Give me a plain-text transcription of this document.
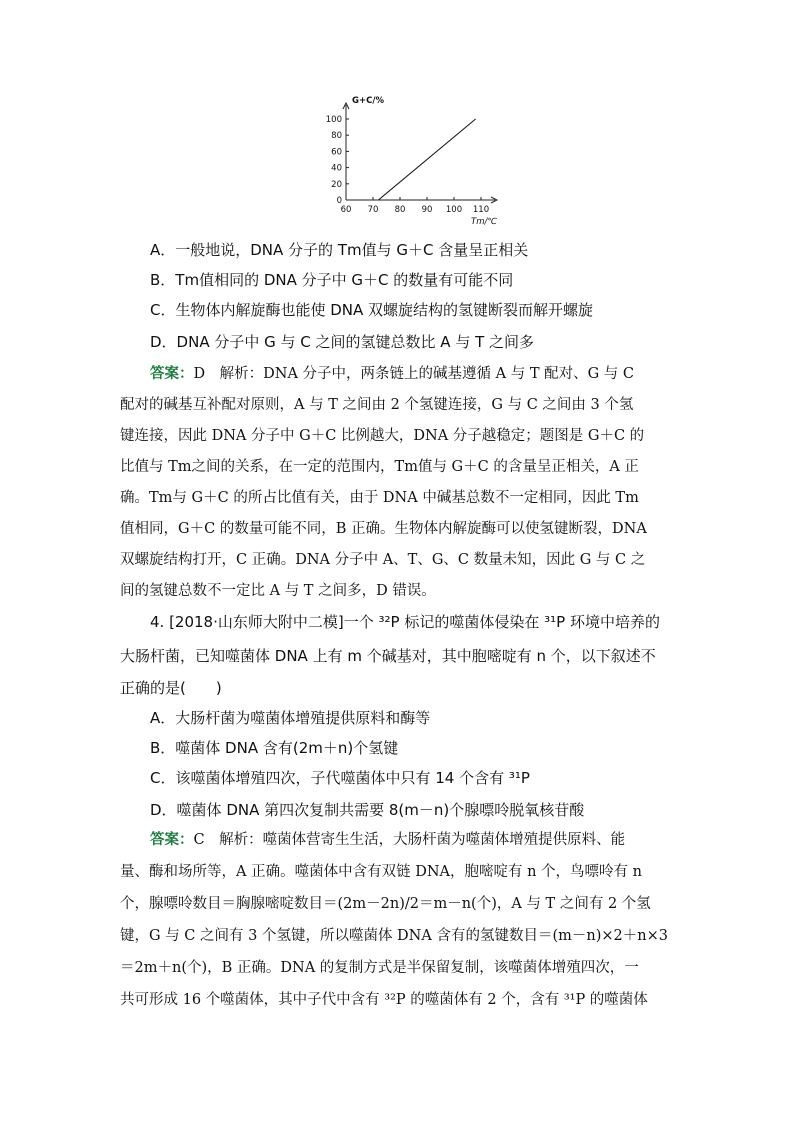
0
20
40
60
80
100
60 70 80 90 100 110
G+C/%
Tm/℃
A．一般地说，DNA 分子的 Tm值与 G＋C 含量呈正相关
B．Tm值相同的 DNA 分子中 G＋C 的数量有可能不同
C．生物体内解旋酶也能使 DNA 双螺旋结构的氢键断裂而解开螺旋
D．DNA 分子中 G 与 C 之间的氢键总数比 A 与 T 之间多
答案：D　解析：DNA 分子中，两条链上的碱基遵循 A 与 T 配对、G 与 C
配对的碱基互补配对原则，A 与 T 之间由 2 个氢键连接，G 与 C 之间由 3 个氢
键连接，因此 DNA 分子中 G＋C 比例越大，DNA 分子越稳定；题图是 G＋C 的
比值与 Tm之间的关系，在一定的范围内，Tm值与 G＋C 的含量呈正相关，A 正
确。Tm与 G＋C 的所占比值有关，由于 DNA 中碱基总数不一定相同，因此 Tm
值相同，G＋C 的数量可能不同，B 正确。生物体内解旋酶可以使氢键断裂，DNA
双螺旋结构打开，C 正确。DNA 分子中 A、T、G、C 数量未知，因此 G 与 C 之
间的氢键总数不一定比 A 与 T 之间多，D 错误。
4. [2018·山东师大附中二模]一个 ³²P 标记的噬菌体侵染在 ³¹P 环境中培养的
大肠杆菌，已知噬菌体 DNA 上有 m 个碱基对，其中胞嘧啶有 n 个，以下叙述不
正确的是(　　)
A．大肠杆菌为噬菌体增殖提供原料和酶等
B．噬菌体 DNA 含有(2m＋n)个氢键
C．该噬菌体增殖四次，子代噬菌体中只有 14 个含有 ³¹P
D．噬菌体 DNA 第四次复制共需要 8(m－n)个腺嘌呤脱氧核苷酸
答案：C　解析：噬菌体营寄生生活，大肠杆菌为噬菌体增殖提供原料、能
量、酶和场所等，A 正确。噬菌体中含有双链 DNA，胞嘧啶有 n 个，鸟嘌呤有 n
个，腺嘌呤数目＝胸腺嘧啶数目＝(2m－2n)/2＝m－n(个)，A 与 T 之间有 2 个氢
键，G 与 C 之间有 3 个氢键，所以噬菌体 DNA 含有的氢键数目＝(m－n)×2＋n×3
＝2m＋n(个)，B 正确。DNA 的复制方式是半保留复制，该噬菌体增殖四次，一
共可形成 16 个噬菌体，其中子代中含有 ³²P 的噬菌体有 2 个，含有 ³¹P 的噬菌体
